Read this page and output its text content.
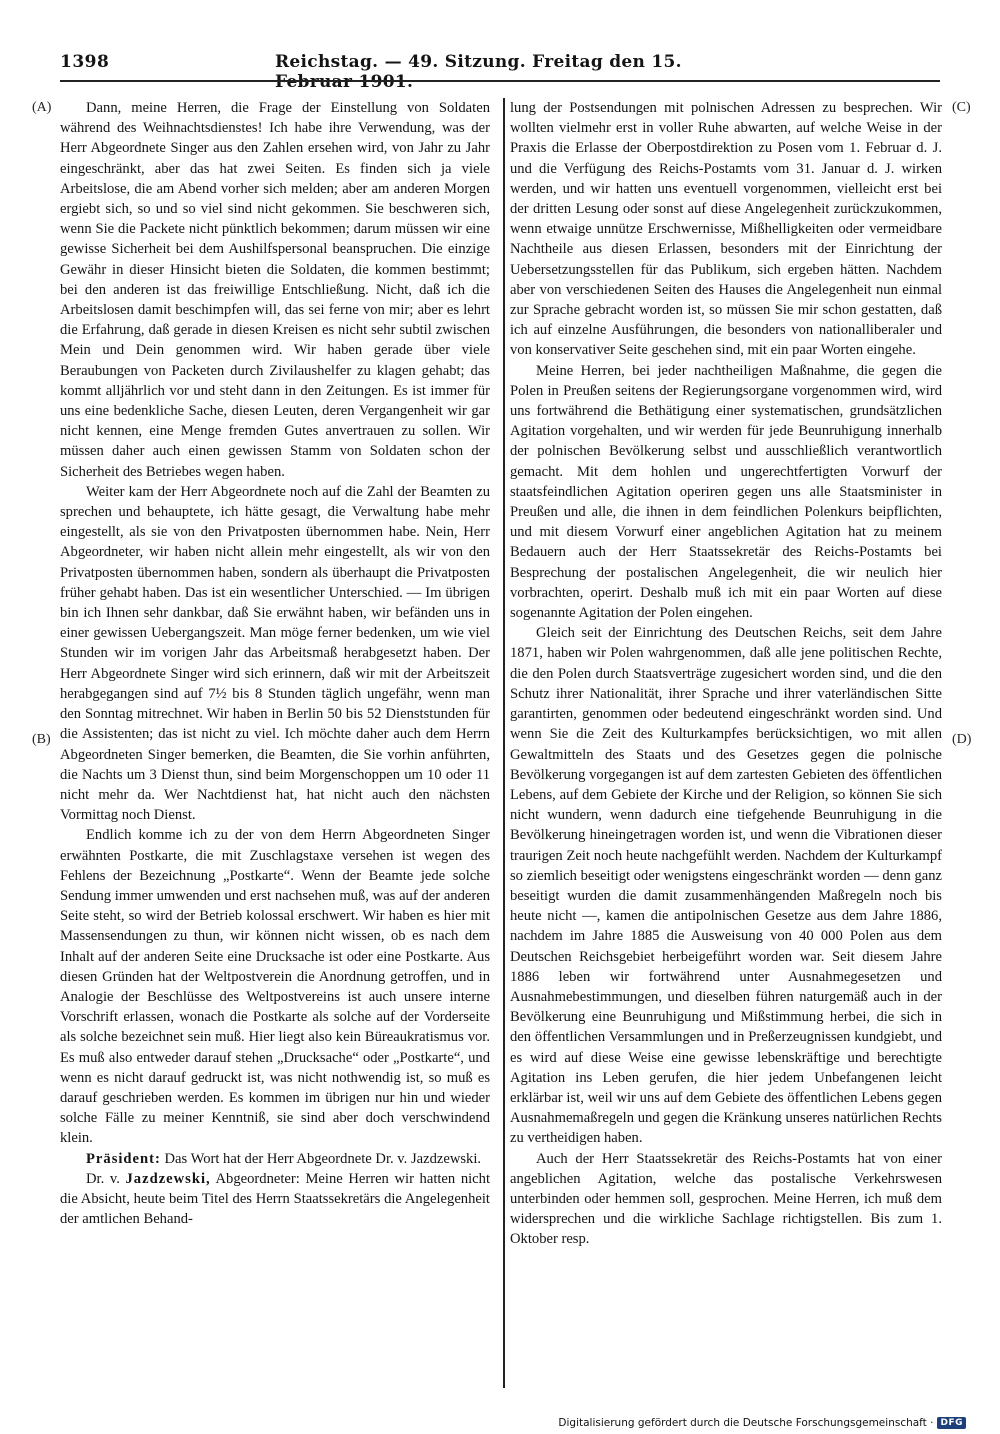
1398	Reichstag. — 49. Sitzung. Freitag den 15. Februar 1901.
(A)
(B)
(C)
(D)

Dann, meine Herren, die Frage der Einstellung von Soldaten während des Weihnachtsdienstes! Ich habe ihre Verwendung, was der Herr Abgeordnete Singer aus den Zahlen ersehen wird, von Jahr zu Jahr eingeschränkt, aber das hat zwei Seiten. Es finden sich ja viele Arbeitslose, die am Abend vorher sich melden; aber am anderen Morgen ergiebt sich, so und so viel sind nicht gekommen. Sie beschweren sich, wenn Sie die Packete nicht pünktlich bekommen; darum müssen wir eine gewisse Sicherheit bei dem Aushilfspersonal beanspruchen. Die einzige Gewähr in dieser Hinsicht bieten die Soldaten, die kommen bestimmt; bei den anderen ist das freiwillige Entschließung. Nicht, daß ich die Arbeitslosen damit beschimpfen will, das sei ferne von mir; aber es lehrt die Erfahrung, daß gerade in diesen Kreisen es nicht sehr subtil zwischen Mein und Dein genommen wird. Wir haben gerade über viele Beraubungen von Packeten durch Zivilaushelfer zu klagen gehabt; das kommt alljährlich vor und steht dann in den Zeitungen. Es ist immer für uns eine bedenkliche Sache, diesen Leuten, deren Vergangenheit wir gar nicht kennen, eine Menge fremden Gutes anvertrauen zu sollen. Wir müssen daher auch einen gewissen Stamm von Soldaten schon der Sicherheit des Betriebes wegen haben.

Weiter kam der Herr Abgeordnete noch auf die Zahl der Beamten zu sprechen und behauptete, ich hätte gesagt, die Verwaltung habe mehr eingestellt, als sie von den Privatposten übernommen habe. Nein, Herr Abgeordneter, wir haben nicht allein mehr eingestellt, als wir von den Privatposten übernommen haben, sondern als überhaupt die Privatposten früher gehabt haben. Das ist ein wesentlicher Unterschied. — Im übrigen bin ich Ihnen sehr dankbar, daß Sie erwähnt haben, wir befänden uns in einer gewissen Uebergangszeit. Man möge ferner bedenken, um wie viel Stunden wir im vorigen Jahr das Arbeitsmaß herabgesetzt haben. Der Herr Abgeordnete Singer wird sich erinnern, daß wir mit der Arbeitszeit herabgegangen sind auf 7½ bis 8 Stunden täglich ungefähr, wenn man den Sonntag mitrechnet. Wir haben in Berlin 50 bis 52 Dienststunden für die Assistenten; das ist nicht zu viel. Ich möchte daher auch dem Herrn Abgeordneten Singer bemerken, die Beamten, die Sie vorhin anführten, die Nachts um 3 Dienst thun, sind beim Morgenschoppen um 10 oder 11 nicht mehr da. Wer Nachtdienst hat, hat nicht auch den nächsten Vormittag noch Dienst.

Endlich komme ich zu der von dem Herrn Abgeordneten Singer erwähnten Postkarte, die mit Zuschlagstaxe versehen ist wegen des Fehlens der Bezeichnung „Postkarte“. Wenn der Beamte jede solche Sendung immer umwenden und erst nachsehen muß, was auf der anderen Seite steht, so wird der Betrieb kolossal erschwert. Wir haben es hier mit Massensendungen zu thun, wir können nicht wissen, ob es nach dem Inhalt auf der anderen Seite eine Drucksache ist oder eine Postkarte. Aus diesen Gründen hat der Weltpostverein die Anordnung getroffen, und in Analogie der Beschlüsse des Weltpostvereins ist auch unsere interne Vorschrift erlassen, wonach die Postkarte als solche auf der Vorderseite als solche bezeichnet sein muß. Hier liegt also kein Büreaukratismus vor. Es muß also entweder darauf stehen „Drucksache“ oder „Postkarte“, und wenn es nicht darauf gedruckt ist, was nicht nothwendig ist, so muß es darauf geschrieben werden. Es kommen im übrigen nur hin und wieder solche Fälle zu meiner Kenntniß, sie sind aber doch verschwindend klein.

Präsident: Das Wort hat der Herr Abgeordnete Dr. v. Jazdzewski.

Dr. v. Jazdzewski, Abgeordneter: Meine Herren wir hatten nicht die Absicht, heute beim Titel des Herrn Staatssekretärs die Angelegenheit der amtlichen Behand-

lung der Postsendungen mit polnischen Adressen zu besprechen. Wir wollten vielmehr erst in voller Ruhe abwarten, auf welche Weise in der Praxis die Erlasse der Oberpostdirektion zu Posen vom 1. Februar d. J. und die Verfügung des Reichs-Postamts vom 31. Januar d. J. wirken werden, und wir hatten uns eventuell vorgenommen, vielleicht erst bei der dritten Lesung oder sonst auf diese Angelegenheit zurückzukommen, wenn etwaige unnütze Erschwernisse, Mißhelligkeiten oder vermeidbare Nachtheile aus diesen Erlassen, besonders mit der Einrichtung der Uebersetzungsstellen für das Publikum, sich ergeben hätten. Nachdem aber von verschiedenen Seiten des Hauses die Angelegenheit nun einmal zur Sprache gebracht worden ist, so müssen Sie mir schon gestatten, daß ich auf einzelne Ausführungen, die besonders von nationalliberaler und von konservativer Seite geschehen sind, mit ein paar Worten eingehe.

Meine Herren, bei jeder nachtheiligen Maßnahme, die gegen die Polen in Preußen seitens der Regierungsorgane vorgenommen wird, wird uns fortwährend die Bethätigung einer systematischen, grundsätzlichen Agitation vorgehalten, und wir werden für jede Beunruhigung innerhalb der polnischen Bevölkerung selbst und ausschließlich verantwortlich gemacht. Mit dem hohlen und ungerechtfertigten Vorwurf der staatsfeindlichen Agitation operiren gegen uns alle Staatsminister in Preußen und alle, die ihnen in dem feindlichen Polenkurs beipflichten, und mit diesem Vorwurf einer angeblichen Agitation hat zu meinem Bedauern auch der Herr Staatssekretär des Reichs-Postamts bei Besprechung der postalischen Angelegenheit, die wir neulich hier vorbrachten, operirt. Deshalb muß ich mit ein paar Worten auf diese sogenannte Agitation der Polen eingehen.

Gleich seit der Einrichtung des Deutschen Reichs, seit dem Jahre 1871, haben wir Polen wahrgenommen, daß alle jene politischen Rechte, die den Polen durch Staatsverträge zugesichert worden sind, und die den Schutz ihrer Nationalität, ihrer Sprache und ihrer vaterländischen Sitte garantirten, genommen oder bedeutend eingeschränkt worden sind. Und wenn Sie die Zeit des Kulturkampfes berücksichtigen, wo mit allen Gewaltmitteln des Staats und des Gesetzes gegen die polnische Bevölkerung vorgegangen ist auf dem zartesten Gebieten des öffentlichen Lebens, auf dem Gebiete der Kirche und der Religion, so können Sie sich nicht wundern, wenn dadurch eine tiefgehende Beunruhigung in die Bevölkerung hineingetragen worden ist, und wenn die Vibrationen dieser traurigen Zeit noch heute nachgefühlt werden. Nachdem der Kulturkampf so ziemlich beseitigt oder wenigstens eingeschränkt worden — denn ganz beseitigt wurden die damit zusammenhängenden Maßregeln noch bis heute nicht —, kamen die antipolnischen Gesetze aus dem Jahre 1886, nachdem im Jahre 1885 die Ausweisung von 40 000 Polen aus dem Deutschen Reichsgebiet herbeigeführt worden war. Seit diesem Jahre 1886 leben wir fortwährend unter Ausnahmegesetzen und Ausnahmebestimmungen, und dieselben führen naturgemäß auch in der Bevölkerung eine Beunruhigung und Mißstimmung herbei, die sich in den öffentlichen Versammlungen und in Preßerzeugnissen kundgiebt, und es wird auf diese Weise eine gewisse lebenskräftige und berechtigte Agitation ins Leben gerufen, die hier jedem Unbefangenen leicht erklärbar ist, weil wir uns auf dem Gebiete des öffentlichen Lebens gegen Ausnahmemaßregeln und gegen die Kränkung unseres natürlichen Rechts zu vertheidigen haben.

Auch der Herr Staatssekretär des Reichs-Postamts hat von einer angeblichen Agitation, welche das postalische Verkehrswesen unterbinden oder hemmen soll, gesprochen. Meine Herren, ich muß dem widersprechen und die wirkliche Sachlage richtigstellen. Bis zum 1. Oktober resp.

Digitalisierung gefördert durch die Deutsche Forschungsgemeinschaft · DFG
